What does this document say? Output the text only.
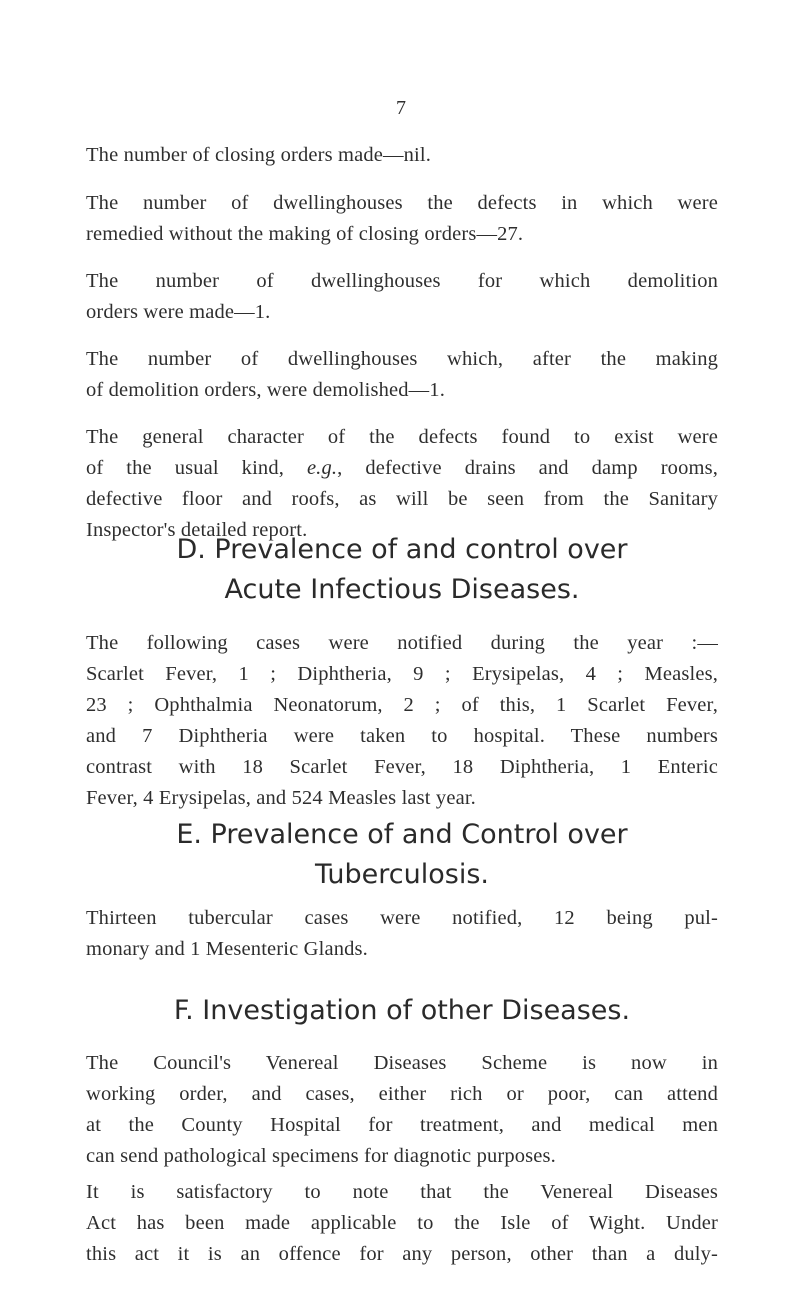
7

The number of closing orders made—nil.

The number of dwellinghouses the defects in which were
remedied without the making of closing orders—27.

The number of dwellinghouses for which demolition
orders were made—1.

The number of dwellinghouses which, after the making
of demolition orders, were demolished—1.

The general character of the defects found to exist were
of the usual kind, e.g., defective drains and damp rooms,
defective floor and roofs, as will be seen from the Sanitary
Inspector's detailed report.

D. Prevalence of and control over
Acute Infectious Diseases.

The following cases were notified during the year :—
Scarlet Fever, 1 ; Diphtheria, 9 ; Erysipelas, 4 ; Measles,
23 ; Ophthalmia Neonatorum, 2 ; of this, 1 Scarlet Fever,
and 7 Diphtheria were taken to hospital. These numbers
contrast with 18 Scarlet Fever, 18 Diphtheria, 1 Enteric
Fever, 4 Erysipelas, and 524 Measles last year.

E. Prevalence of and Control over
Tuberculosis.

Thirteen tubercular cases were notified, 12 being pul-
monary and 1 Mesenteric Glands.

F. Investigation of other Diseases.

The Council's Venereal Diseases Scheme is now in
working order, and cases, either rich or poor, can attend
at the County Hospital for treatment, and medical men
can send pathological specimens for diagnotic purposes.

It is satisfactory to note that the Venereal Diseases
Act has been made applicable to the Isle of Wight. Under
this act it is an offence for any person, other than a duly-
